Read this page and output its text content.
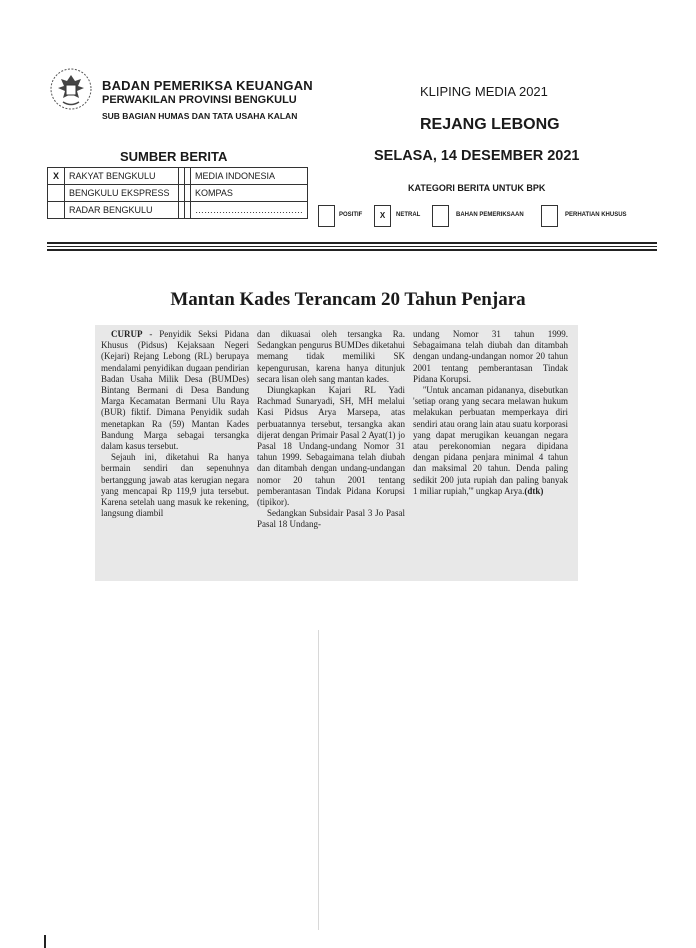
BADAN PEMERIKSA KEUANGAN
PERWAKILAN PROVINSI BENGKULU
SUB BAGIAN HUMAS DAN TATA USAHA KALAN
KLIPING MEDIA 2021
REJANG LEBONG
SUMBER BERITA	SELASA, 14 DESEMBER 2021
X	RAKYAT BENGKULU			MEDIA INDONESIA
	BENGKULU EKSPRESS			KOMPAS
	RADAR BENGKULU			………………………………
KATEGORI BERITA UNTUK BPK
POSITIF	X	NETRAL	BAHAN PEMERIKSAAN	PERHATIAN KHUSUS
Mantan Kades Terancam 20 Tahun Penjara

CURUP - Penyidik Seksi Pidana Khusus (Pidsus) Kejaksaan Negeri (Kejari) Rejang Lebong (RL) berupaya mendalami penyidikan dugaan pendirian Badan Usaha Milik Desa (BUMDes) Bintang Bermani di Desa Bandung Marga Kecamatan Bermani Ulu Raya (BUR) fiktif. Dimana Penyidik sudah menetapkan Ra (59) Mantan Kades Bandung Marga sebagai tersangka dalam kasus tersebut.

Sejauh ini, diketahui Ra hanya bermain sendiri dan sepenuhnya bertanggung jawab atas kerugian negara yang mencapai Rp 119,9 juta tersebut. Karena setelah uang masuk ke rekening, langsung diambil

dan dikuasai oleh tersangka Ra. Sedangkan pengurus BUMDes diketahui memang tidak memiliki SK kepengurusan, karena hanya ditunjuk secara lisan oleh sang mantan kades.

Diungkapkan Kajari RL Yadi Rachmad Sunaryadi, SH, MH melalui Kasi Pidsus Arya Marsepa, atas perbuatannya tersebut, tersangka akan dijerat dengan Primair Pasal 2 Ayat(1) jo Pasal 18 Undang-undang Nomor 31 tahun 1999. Sebagaimana telah diubah dan ditambah dengan undang-undangan nomor 20 tahun 2001 tentang pemberantasan Tindak Pidana Korupsi (tipikor).

Sedangkan Subsidair Pasal 3 Jo Pasal Pasal 18 Undang-

undang Nomor 31 tahun 1999. Sebagaimana telah diubah dan ditambah dengan undang-undangan nomor 20 tahun 2001 tentang pemberantasan Tindak Pidana Korupsi.

''Untuk ancaman pidananya, disebutkan 'setiap orang yang secara melawan hukum melakukan perbuatan memperkaya diri sendiri atau orang lain atau suatu korporasi yang dapat merugikan keuangan negara atau perekonomian negara dipidana dengan pidana penjara minimal 4 tahun dan maksimal 20 tahun. Denda paling sedikit 200 juta rupiah dan paling banyak 1 miliar rupiah,''' ungkap Arya.(dtk)
